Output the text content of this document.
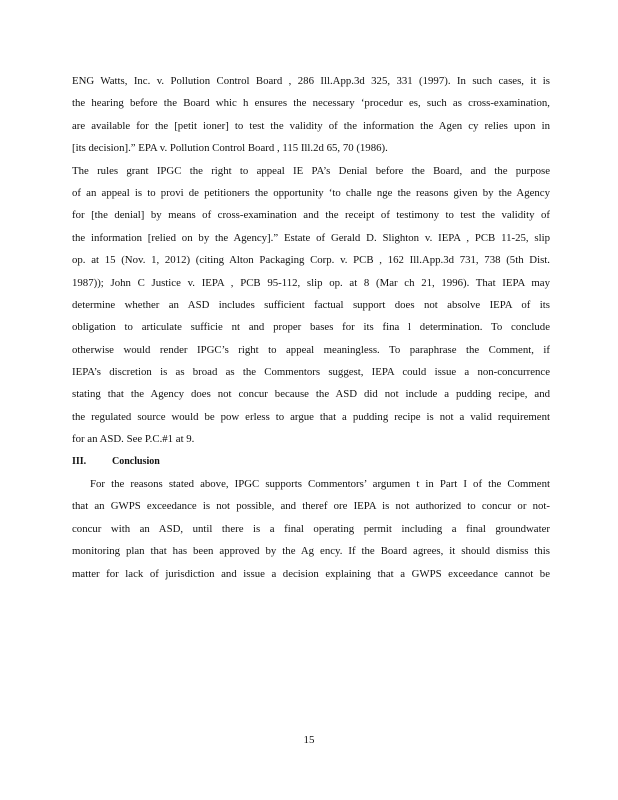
ENG Watts, Inc. v. Pollution Control Board , 286 Ill.App.3d 325, 331 (1997). In such cases, it is
the hearing before the Board whic h ensures the necessary ‘procedur es, such as cross-examination,
are available for the [petit ioner] to test the validity of the information the Agen cy relies upon in
[its decision].” EPA v. Pollution Control Board , 115 Ill.2d 65, 70 (1986).
The rules grant IPGC the right to appeal IE PA’s Denial before the Board, and the purpose
of an appeal is to provi de petitioners the opportunity ‘to challe nge the reasons given by the Agency
for [the denial] by means of cross-examination and the receipt of testimony to test the validity of
the information [relied on by the Agency].” Estate of Gerald D. Slighton v. IEPA , PCB 11-25, slip
op. at 15 (Nov. 1, 2012) (citing Alton Packaging Corp. v. PCB , 162 Ill.App.3d 731, 738 (5th Dist.
1987)); John C Justice v. IEPA , PCB 95-112, slip op. at 8 (Mar ch 21, 1996). That IEPA may
determine whether an ASD includes sufficient factual support does not absolve IEPA of its
obligation to articulate sufficie nt and proper bases for its fina l determination. To conclude
otherwise would render IPGC’s right to appeal meaningless. To paraphrase the Comment, if
IEPA’s discretion is as broad as the Commentors suggest, IEPA could issue a non-concurrence
stating that the Agency does not concur because the ASD did not include a pudding recipe, and
the regulated source would be pow erless to argue that a pudding recipe is not a valid requirement
for an ASD. See P.C.#1 at 9.
III.	Conclusion
For the reasons stated above, IPGC supports Commentors’ argumen t in Part I of the Comment
that an GWPS exceedance is not possible, and theref ore IEPA is not authorized to concur or not-
concur with an ASD, until there is a final operating permit including a final groundwater
monitoring plan that has been approved by the Ag ency. If the Board agrees, it should dismiss this
matter for lack of jurisdiction and issue a decision explaining that a GWPS exceedance cannot be
15
